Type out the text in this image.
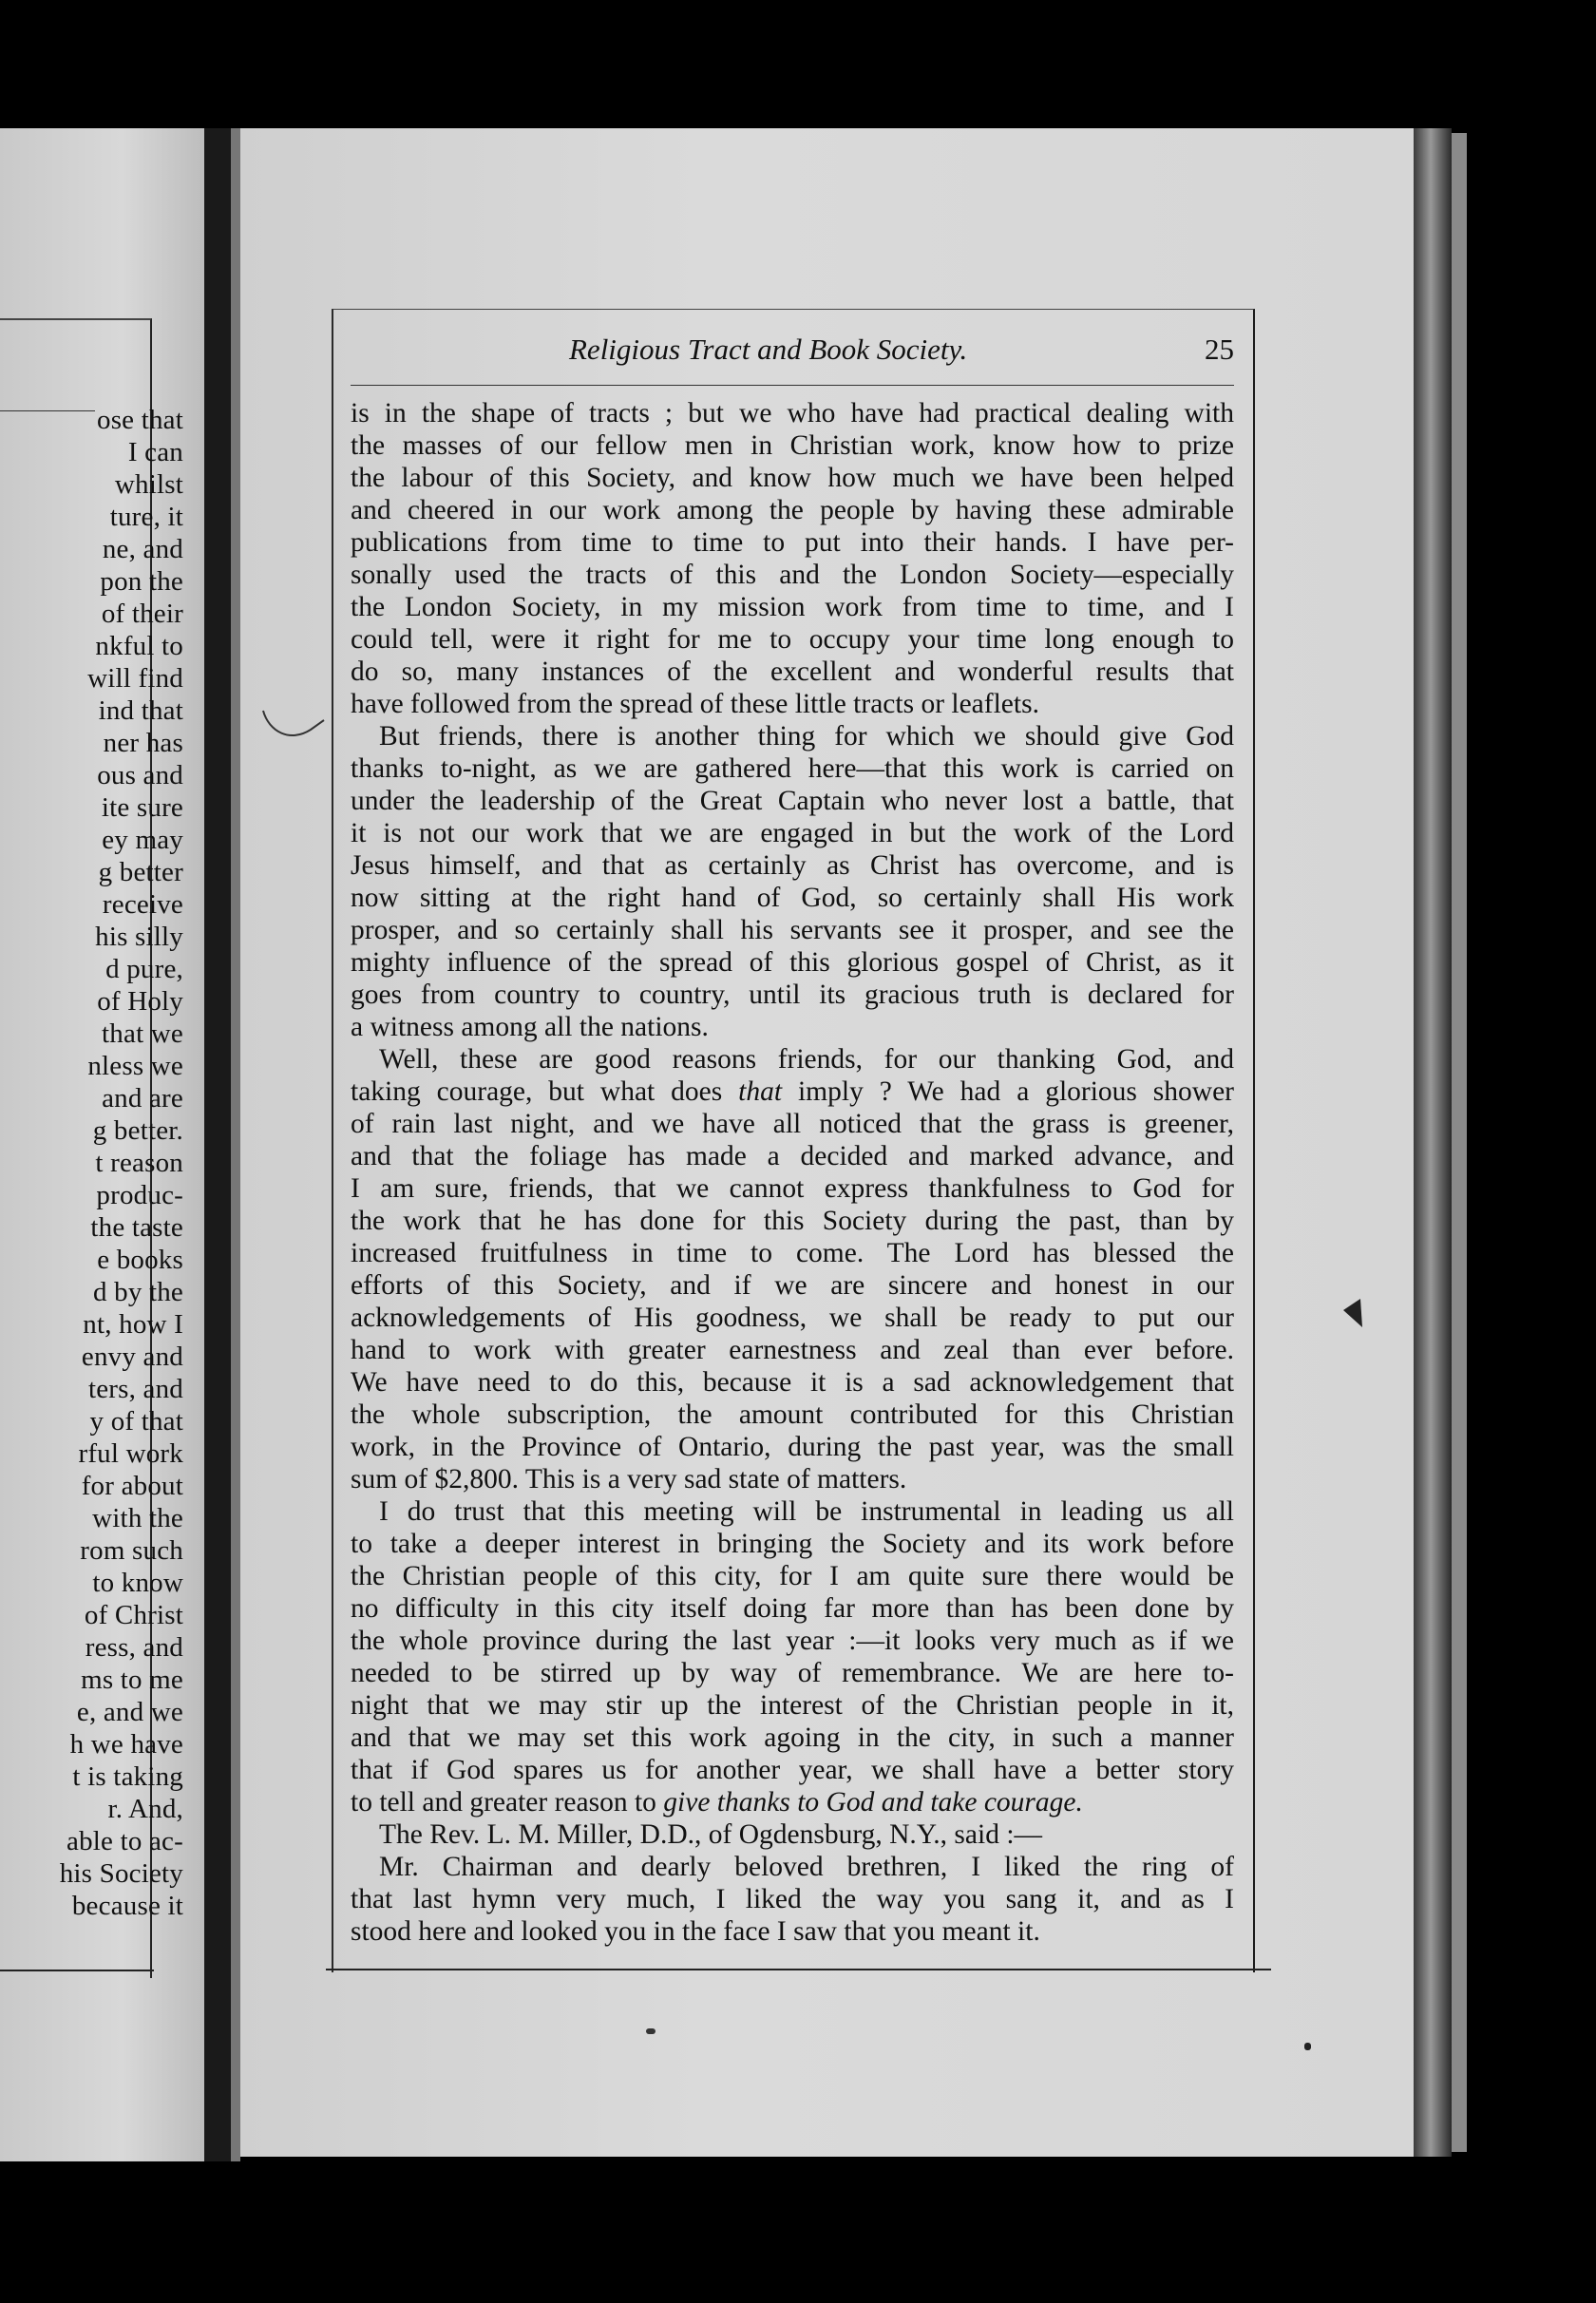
ose that
I can
whilst
ture, it
ne, and
pon the
of their
nkful to
will find
ind that
ner has
ous and
ite sure
ey may
g better
receive
his silly
d pure,
of Holy
that we
nless we
and are
g better.
t reason
produc-
the taste
e books
d by the
nt, how I
envy and
ters, and
y of that
rful work
for about
with the
rom such
to know
of Christ
ress, and
ms to me
e, and we
h we have
t is taking
r. And,
able to ac-
his Society
because it
Religious Tract and Book Society.	25
is in the shape of tracts ; but we who have had practical dealing with
the masses of our fellow men in Christian work, know how to prize
the labour of this Society, and know how much we have been helped
and cheered in our work among the people by having these admirable
publications from time to time to put into their hands. I have per-
sonally used the tracts of this and the London Society—especially
the London Society, in my mission work from time to time, and I
could tell, were it right for me to occupy your time long enough to
do so, many instances of the excellent and wonderful results that
have followed from the spread of these little tracts or leaflets.
But friends, there is another thing for which we should give God
thanks to-night, as we are gathered here—that this work is carried on
under the leadership of the Great Captain who never lost a battle, that
it is not our work that we are engaged in but the work of the Lord
Jesus himself, and that as certainly as Christ has overcome, and is
now sitting at the right hand of God, so certainly shall His work
prosper, and so certainly shall his servants see it prosper, and see the
mighty influence of the spread of this glorious gospel of Christ, as it
goes from country to country, until its gracious truth is declared for
a witness among all the nations.
Well, these are good reasons friends, for our thanking God, and
taking courage, but what does that imply ? We had a glorious shower
of rain last night, and we have all noticed that the grass is greener,
and that the foliage has made a decided and marked advance, and
I am sure, friends, that we cannot express thankfulness to God for
the work that he has done for this Society during the past, than by
increased fruitfulness in time to come. The Lord has blessed the
efforts of this Society, and if we are sincere and honest in our
acknowledgements of His goodness, we shall be ready to put our
hand to work with greater earnestness and zeal than ever before.
We have need to do this, because it is a sad acknowledgement that
the whole subscription, the amount contributed for this Christian
work, in the Province of Ontario, during the past year, was the small
sum of $2,800. This is a very sad state of matters.
I do trust that this meeting will be instrumental in leading us all
to take a deeper interest in bringing the Society and its work before
the Christian people of this city, for I am quite sure there would be
no difficulty in this city itself doing far more than has been done by
the whole province during the last year :—it looks very much as if we
needed to be stirred up by way of remembrance. We are here to-
night that we may stir up the interest of the Christian people in it,
and that we may set this work agoing in the city, in such a manner
that if God spares us for another year, we shall have a better story
to tell and greater reason to give thanks to God and take courage.
The Rev. L. M. Miller, D.D., of Ogdensburg, N.Y., said :—
Mr. Chairman and dearly beloved brethren, I liked the ring of
that last hymn very much, I liked the way you sang it, and as I
stood here and looked you in the face I saw that you meant it.
